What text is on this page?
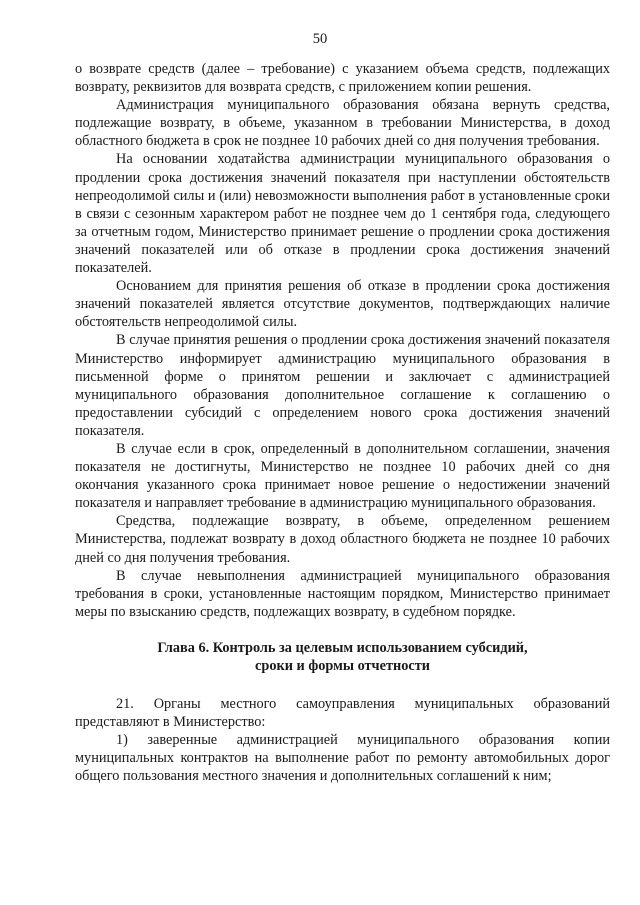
50

о возврате средств (далее – требование) с указанием объема средств, подлежащих возврату, реквизитов для возврата средств, с приложением копии решения.

Администрация муниципального образования обязана вернуть средства, подлежащие возврату, в объеме, указанном в требовании Министерства, в доход областного бюджета в срок не позднее 10 рабочих дней со дня получения требования.

На основании ходатайства администрации муниципального образования о продлении срока достижения значений показателя при наступлении обстоятельств непреодолимой силы и (или) невозможности выполнения работ в установленные сроки в связи с сезонным характером работ не позднее чем до 1 сентября года, следующего за отчетным годом, Министерство принимает решение о продлении срока достижения значений показателей или об отказе в продлении срока достижения значений показателей.

Основанием для принятия решения об отказе в продлении срока достижения значений показателей является отсутствие документов, подтверждающих наличие обстоятельств непреодолимой силы.

В случае принятия решения о продлении срока достижения значений показателя Министерство информирует администрацию муниципального образования в письменной форме о принятом решении и заключает с администрацией муниципального образования дополнительное соглашение к соглашению о предоставлении субсидий с определением нового срока достижения значений показателя.

В случае если в срок, определенный в дополнительном соглашении, значения показателя не достигнуты, Министерство не позднее 10 рабочих дней со дня окончания указанного срока принимает новое решение о недостижении значений показателя и направляет требование в администрацию муниципального образования.

Средства, подлежащие возврату, в объеме, определенном решением Министерства, подлежат возврату в доход областного бюджета не позднее 10 рабочих дней со дня получения требования.

В случае невыполнения администрацией муниципального образования требования в сроки, установленные настоящим порядком, Министерство принимает меры по взысканию средств, подлежащих возврату, в судебном порядке.

Глава 6. Контроль за целевым использованием субсидий,
сроки и формы отчетности

21. Органы местного самоуправления муниципальных образований представляют в Министерство:

1) заверенные администрацией муниципального образования копии муниципальных контрактов на выполнение работ по ремонту автомобильных дорог общего пользования местного значения и дополнительных соглашений к ним;
